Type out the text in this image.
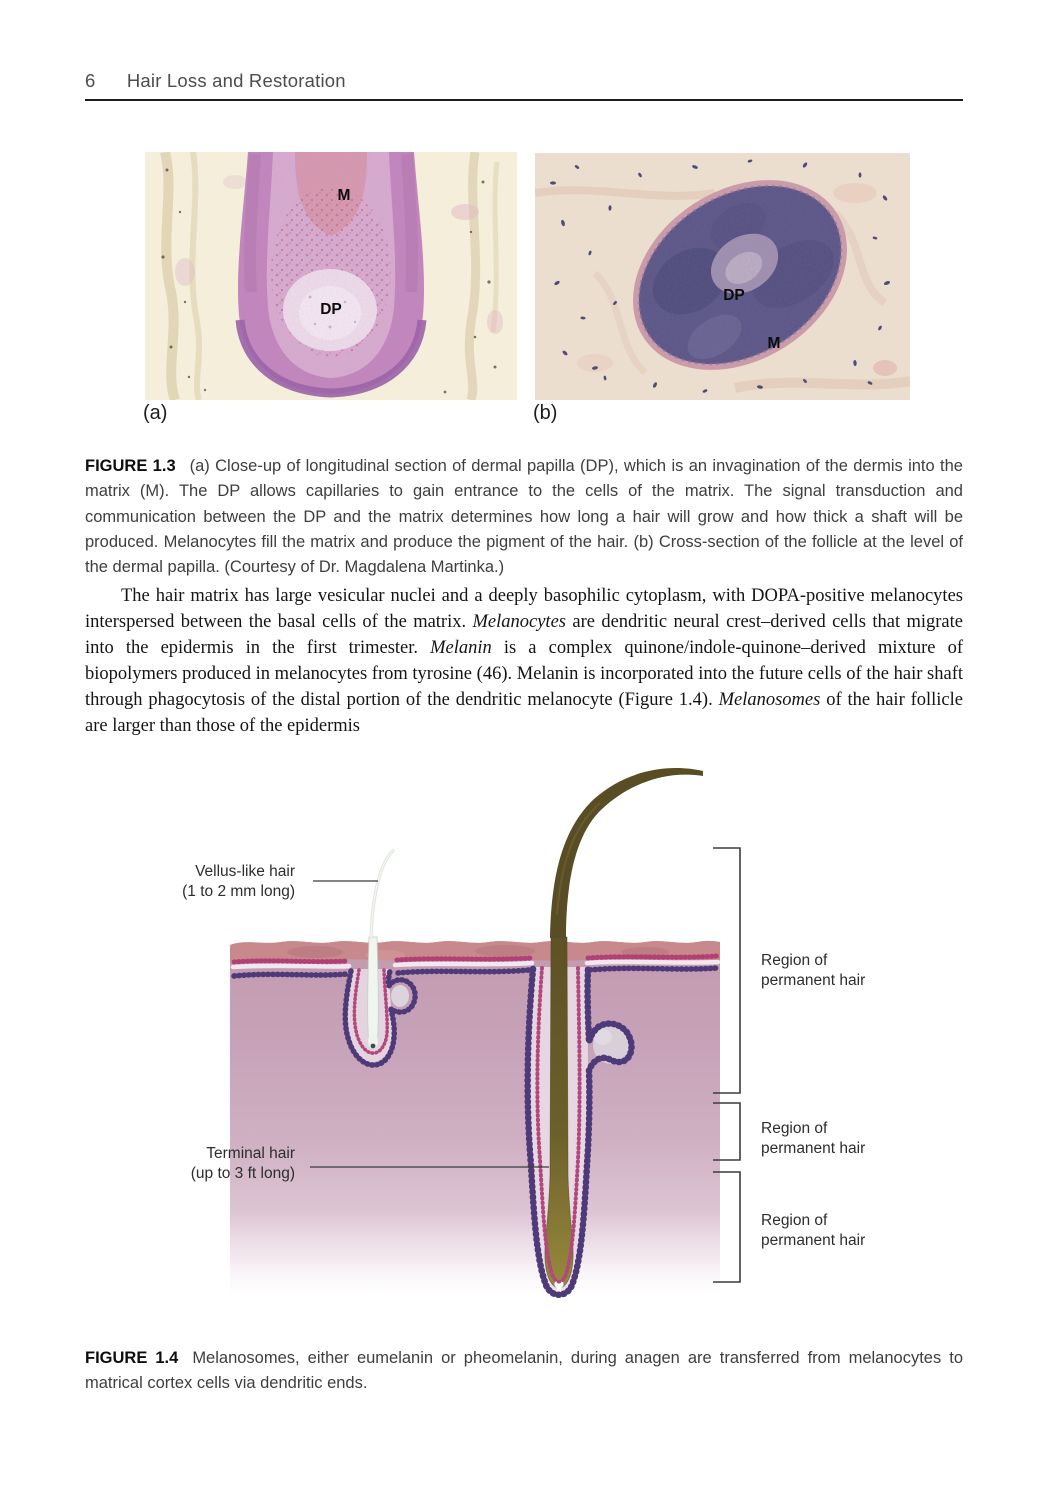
6 Hair Loss and Restoration
M
DP
(a)
DP
M
(b)
FIGURE 1.3 (a) Close-up of longitudinal section of dermal papilla (DP), which is an invagination of the dermis into the matrix (M). The DP allows capillaries to gain entrance to the cells of the matrix. The signal transduction and communication between the DP and the matrix determines how long a hair will grow and how thick a shaft will be produced. Melanocytes fill the matrix and produce the pigment of the hair. (b) Cross-section of the follicle at the level of the dermal papilla. (Courtesy of Dr. Magdalena Martinka.)

The hair matrix has large vesicular nuclei and a deeply basophilic cytoplasm, with DOPA-positive melanocytes interspersed between the basal cells of the matrix. Melanocytes are dendritic neural crest–derived cells that migrate into the epidermis in the first trimester. Melanin is a complex quinone/indole-quinone–derived mixture of biopolymers produced in melanocytes from tyrosine (46). Melanin is incorporated into the future cells of the hair shaft through phagocytosis of the distal portion of the dendritic melanocyte (Figure 1.4). Melanosomes of the hair follicle are larger than those of the epidermis

Vellus-like hair
(1 to 2 mm long)
Terminal hair
(up to 3 ft long)
Region of
permanent hair
Region of
permanent hair
Region of
permanent hair
FIGURE 1.4 Melanosomes, either eumelanin or pheomelanin, during anagen are transferred from melanocytes to matrical cortex cells via dendritic ends.
